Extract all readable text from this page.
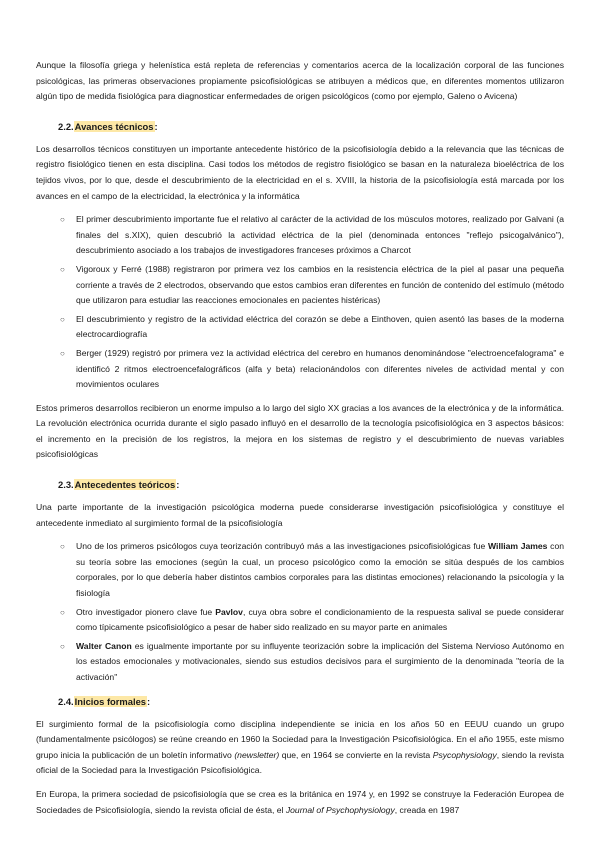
Aunque la filosofía griega y helenística está repleta de referencias y comentarios acerca de la localización corporal de las funciones psicológicas, las primeras observaciones propiamente psicofisiológicas se atribuyen a médicos que, en diferentes momentos utilizaron algún tipo de medida fisiológica para diagnosticar enfermedades de origen psicológicos (como por ejemplo, Galeno o Avicena)

2.2.Avances técnicos:

Los desarrollos técnicos constituyen un importante antecedente histórico de la psicofisiología debido a la relevancia que las técnicas de registro fisiológico tienen en esta disciplina. Casi todos los métodos de registro fisiológico se basan en la naturaleza bioeléctrica de los tejidos vivos, por lo que, desde el descubrimiento de la electricidad en el s. XVIII, la historia de la psicofisiología está marcada por los avances en el campo de la electricidad, la electrónica y la informática

○ El primer descubrimiento importante fue el relativo al carácter de la actividad de los músculos motores, realizado por Galvani (a finales del s.XIX), quien descubrió la actividad eléctrica de la piel (denominada entonces "reflejo psicogalvánico"), descubrimiento asociado a los trabajos de investigadores franceses próximos a Charcot
○ Vigoroux y Ferré (1988) registraron por primera vez los cambios en la resistencia eléctrica de la piel al pasar una pequeña corriente a través de 2 electrodos, observando que estos cambios eran diferentes en función de contenido del estímulo (método que utilizaron para estudiar las reacciones emocionales en pacientes histéricas)
○ El descubrimiento y registro de la actividad eléctrica del corazón se debe a Einthoven, quien asentó las bases de la moderna electrocardiografía
○ Berger (1929) registró por primera vez la actividad eléctrica del cerebro en humanos denominándose "electroencefalograma" e identificó 2 ritmos electroencefalográficos (alfa y beta) relacionándolos con diferentes niveles de actividad mental y con movimientos oculares

Estos primeros desarrollos recibieron un enorme impulso a lo largo del siglo XX gracias a los avances de la electrónica y de la informática. La revolución electrónica ocurrida durante el siglo pasado influyó en el desarrollo de la tecnología psicofisiológica en 3 aspectos básicos: el incremento en la precisión de los registros, la mejora en los sistemas de registro y el descubrimiento de nuevas variables psicofisiológicas

2.3.Antecedentes teóricos:

Una parte importante de la investigación psicológica moderna puede considerarse investigación psicofisiológica y constituye el antecedente inmediato al surgimiento formal de la psicofisiología

○ Uno de los primeros psicólogos cuya teorización contribuyó más a las investigaciones psicofisiológicas fue William James con su teoría sobre las emociones (según la cual, un proceso psicológico como la emoción se sitúa después de los cambios corporales, por lo que debería haber distintos cambios corporales para las distintas emociones) relacionando la psicología y la fisiología
○ Otro investigador pionero clave fue Pavlov, cuya obra sobre el condicionamiento de la respuesta salival se puede considerar como típicamente psicofisiológico a pesar de haber sido realizado en su mayor parte en animales
○ Walter Canon es igualmente importante por su influyente teorización sobre la implicación del Sistema Nervioso Autónomo en los estados emocionales y motivacionales, siendo sus estudios decisivos para el surgimiento de la denominada "teoría de la activación"
2.4.Inicios formales:

El surgimiento formal de la psicofisiología como disciplina independiente se inicia en los años 50 en EEUU cuando un grupo (fundamentalmente psicólogos) se reúne creando en 1960 la Sociedad para la Investigación Psicofisiológica. En el año 1955, este mismo grupo inicia la publicación de un boletín informativo (newsletter) que, en 1964 se convierte en la revista Psycophysiology, siendo la revista oficial de la Sociedad para la Investigación Psicofisiológica.

En Europa, la primera sociedad de psicofisiología que se crea es la británica en 1974 y, en 1992 se construye la Federación Europea de Sociedades de Psicofisiología, siendo la revista oficial de ésta, el Journal of Psychophysiology, creada en 1987
